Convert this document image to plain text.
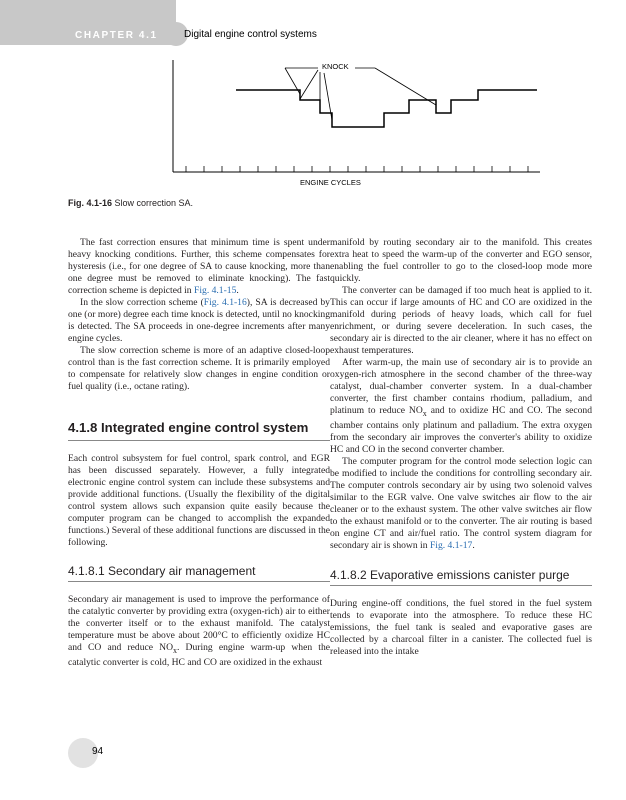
CHAPTER 4.1	Digital engine control systems
KNOCK
ENGINE CYCLES
Fig. 4.1-16 Slow correction SA.

The fast correction ensures that minimum time is spent under heavy knocking conditions. Further, this scheme compensates for hysteresis (i.e., for one degree of SA to cause knocking, more than one degree must be removed to eliminate knocking). The fast correction scheme is depicted in Fig. 4.1-15.

In the slow correction scheme (Fig. 4.1-16), SA is decreased by one (or more) degree each time knock is detected, until no knocking is detected. The SA proceeds in one-degree increments after many engine cycles.

The slow correction scheme is more of an adaptive closed-loop control than is the fast correction scheme. It is primarily employed to compensate for relatively slow changes in engine condition or fuel quality (i.e., octane rating).

4.1.8 Integrated engine control system

Each control subsystem for fuel control, spark control, and EGR has been discussed separately. However, a fully integrated electronic engine control system can include these subsystems and provide additional functions. (Usually the flexibility of the digital control system allows such expansion quite easily because the computer program can be changed to accomplish the expanded functions.) Several of these additional functions are discussed in the following.

4.1.8.1 Secondary air management

Secondary air management is used to improve the performance of the catalytic converter by providing extra (oxygen-rich) air to either the converter itself or to the exhaust manifold. The catalyst temperature must be above about 200°C to efficiently oxidize HC and CO and reduce $NO_x$. During engine warm-up when the catalytic converter is cold, HC and CO are oxidized in the exhaust

manifold by routing secondary air to the manifold. This creates extra heat to speed the warm-up of the converter and EGO sensor, enabling the fuel controller to go to the closed-loop mode more quickly.

The converter can be damaged if too much heat is applied to it. This can occur if large amounts of HC and CO are oxidized in the manifold during periods of heavy loads, which call for fuel enrichment, or during severe deceleration. In such cases, the secondary air is directed to the air cleaner, where it has no effect on exhaust temperatures.

After warm-up, the main use of secondary air is to provide an oxygen-rich atmosphere in the second chamber of the three-way catalyst, dual-chamber converter system. In a dual-chamber converter, the first chamber contains rhodium, palladium, and platinum to reduce $NO_x$ and to oxidize HC and CO. The second chamber contains only platinum and palladium. The extra oxygen from the secondary air improves the converter's ability to oxidize HC and CO in the second converter chamber.

The computer program for the control mode selection logic can be modified to include the conditions for controlling secondary air. The computer controls secondary air by using two solenoid valves similar to the EGR valve. One valve switches air flow to the air cleaner or to the exhaust system. The other valve switches air flow to the exhaust manifold or to the converter. The air routing is based on engine CT and air/fuel ratio. The control system diagram for secondary air is shown in Fig. 4.1-17.

4.1.8.2 Evaporative emissions canister purge

During engine-off conditions, the fuel stored in the fuel system tends to evaporate into the atmosphere. To reduce these HC emissions, the fuel tank is sealed and evaporative gases are collected by a charcoal filter in a canister. The collected fuel is released into the intake

94
